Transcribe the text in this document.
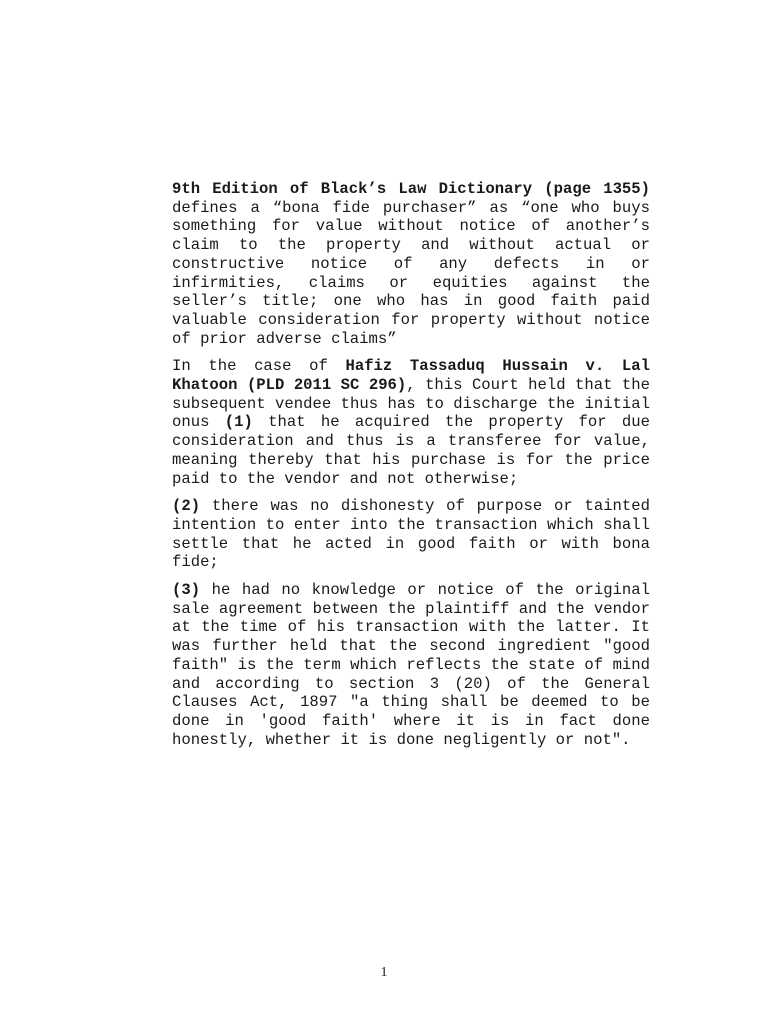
9th Edition of Black’s Law Dictionary (page 1355) defines a “bona fide purchaser” as “one who buys something for value without notice of another’s claim to the property and without actual or constructive notice of any defects in or infirmities, claims or equities against the seller’s title; one who has in good faith paid valuable consideration for property without notice of prior adverse claims”

In the case of Hafiz Tassaduq Hussain v. Lal Khatoon (PLD 2011 SC 296), this Court held that the subsequent vendee thus has to discharge the initial onus (1) that he acquired the property for due consideration and thus is a transferee for value, meaning thereby that his purchase is for the price paid to the vendor and not otherwise;

(2) there was no dishonesty of purpose or tainted intention to enter into the transaction which shall settle that he acted in good faith or with bona fide;

(3) he had no knowledge or notice of the original sale agreement between the plaintiff and the vendor at the time of his transaction with the latter. It was further held that the second ingredient "good faith" is the term which reflects the state of mind and according to section 3 (20) of the General Clauses Act, 1897 "a thing shall be deemed to be done in 'good faith' where it is in fact done honestly, whether it is done negligently or not".

1
